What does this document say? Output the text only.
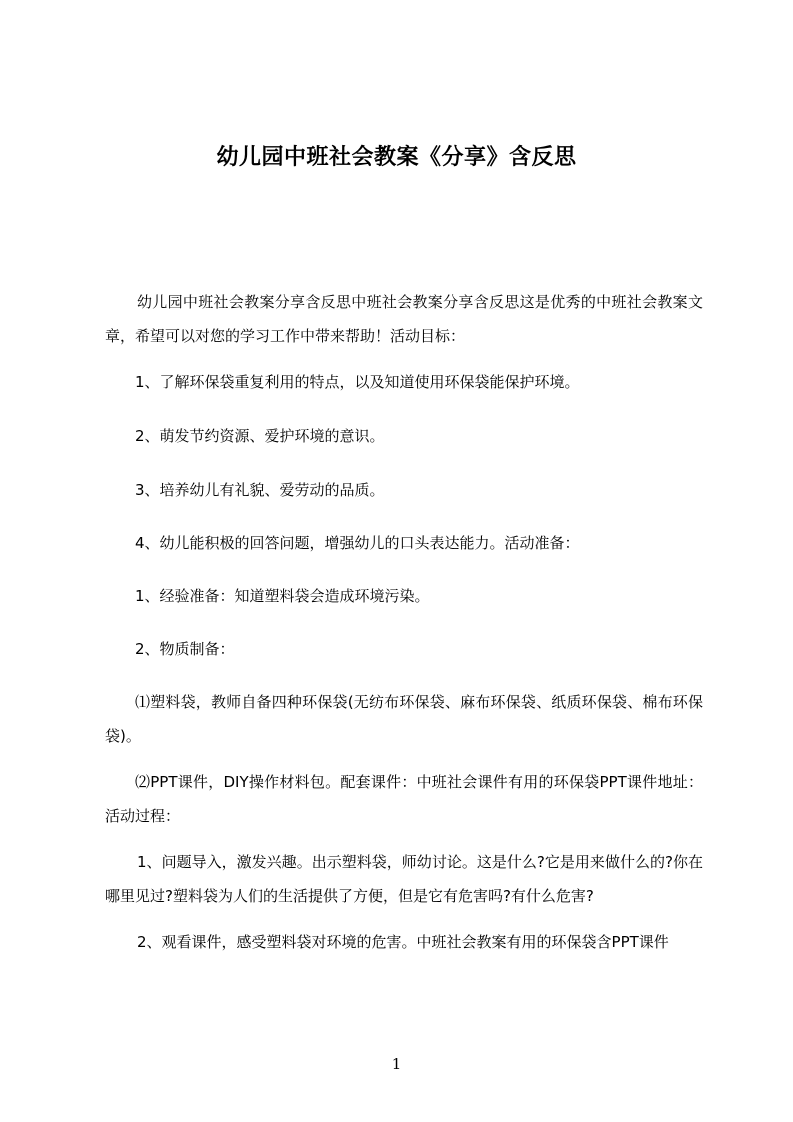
幼儿园中班社会教案《分享》含反思
幼儿园中班社会教案分享含反思中班社会教案分享含反思这是优秀的中班社会教案文章，希望可以对您的学习工作中带来帮助！活动目标：
1、了解环保袋重复利用的特点，以及知道使用环保袋能保护环境。
2、萌发节约资源、爱护环境的意识。
3、培养幼儿有礼貌、爱劳动的品质。
4、幼儿能积极的回答问题，增强幼儿的口头表达能力。活动准备：
1、经验准备：知道塑料袋会造成环境污染。
2、物质制备：
⑴塑料袋，教师自备四种环保袋(无纺布环保袋、麻布环保袋、纸质环保袋、棉布环保袋)。
⑵PPT课件，DIY操作材料包。配套课件：中班社会课件有用的环保袋PPT课件地址：活动过程：
1、问题导入，激发兴趣。出示塑料袋，师幼讨论。这是什么?它是用来做什么的?你在哪里见过?塑料袋为人们的生活提供了方便，但是它有危害吗?有什么危害?
2、观看课件，感受塑料袋对环境的危害。中班社会教案有用的环保袋含PPT课件
1
